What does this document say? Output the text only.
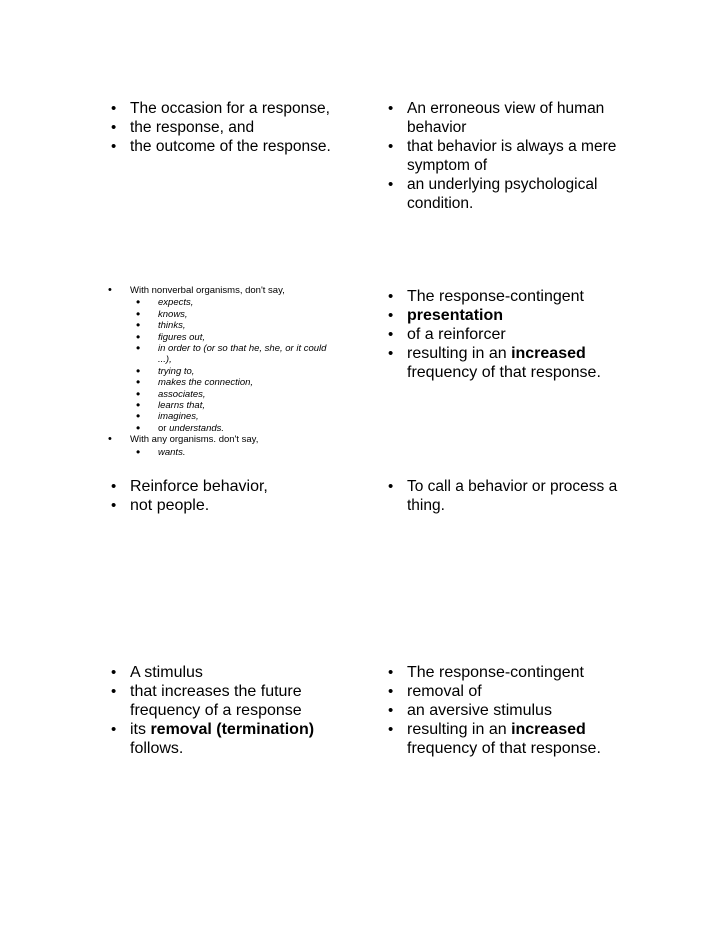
• The occasion for a response,
• the response, and
• the outcome of the response.
• An erroneous view of human behavior
• that behavior is always a mere symptom of
• an underlying psychological condition.
• With nonverbal organisms, don't say,
• expects,
• knows,
• thinks,
• figures out,
• in order to (or so that he, she, or it could ...),
• trying to,
• makes the connection,
• associates,
• learns that,
• imagines,
• or understands.
• With any organisms. don't say,
• wants.
• The response-contingent
• presentation
• of a reinforcer
• resulting in an increased frequency of that response.
• Reinforce behavior,
• not people.
• To call a behavior or process a thing.
• A stimulus
• that increases the future frequency of a response
• its removal (termination) follows.
• The response-contingent
• removal of
• an aversive stimulus
• resulting in an increased frequency of that response.
